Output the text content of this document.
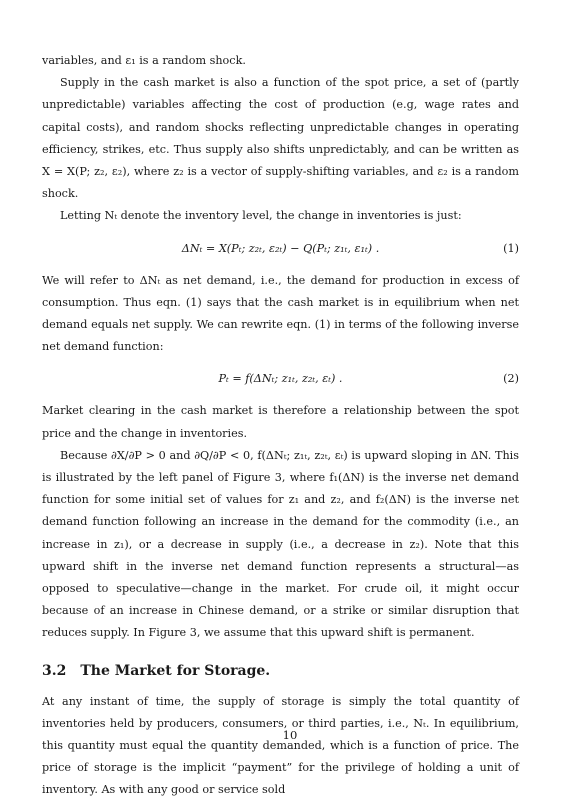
variables, and ε₁ is a random shock.

Supply in the cash market is also a function of the spot price, a set of (partly unpredictable) variables affecting the cost of production (e.g, wage rates and capital costs), and random shocks reflecting unpredictable changes in operating efficiency, strikes, etc. Thus supply also shifts unpredictably, and can be written as X = X(P; z₂, ε₂), where z₂ is a vector of supply-shifting variables, and ε₂ is a random shock.

Letting Nₜ denote the inventory level, the change in inventories is just:

ΔNₜ = X(Pₜ; z₂ₜ, ε₂ₜ) − Q(Pₜ; z₁ₜ, ε₁ₜ) .	(1)

We will refer to ΔNₜ as net demand, i.e., the demand for production in excess of consumption. Thus eqn. (1) says that the cash market is in equilibrium when net demand equals net supply. We can rewrite eqn. (1) in terms of the following inverse net demand function:

Pₜ = f(ΔNₜ; z₁ₜ, z₂ₜ, εₜ) .	(2)

Market clearing in the cash market is therefore a relationship between the spot price and the change in inventories.

Because ∂X/∂P > 0 and ∂Q/∂P < 0, f(ΔNₜ; z₁ₜ, z₂ₜ, εₜ) is upward sloping in ΔN. This is illustrated by the left panel of Figure 3, where f₁(ΔN) is the inverse net demand function for some initial set of values for z₁ and z₂, and f₂(ΔN) is the inverse net demand function following an increase in the demand for the commodity (i.e., an increase in z₁), or a decrease in supply (i.e., a decrease in z₂). Note that this upward shift in the inverse net demand function represents a structural—as opposed to speculative—change in the market. For crude oil, it might occur because of an increase in Chinese demand, or a strike or similar disruption that reduces supply. In Figure 3, we assume that this upward shift is permanent.

3.2 The Market for Storage.

At any instant of time, the supply of storage is simply the total quantity of inventories held by producers, consumers, or third parties, i.e., Nₜ. In equilibrium, this quantity must equal the quantity demanded, which is a function of price. The price of storage is the implicit “payment” for the privilege of holding a unit of inventory. As with any good or service sold

10
